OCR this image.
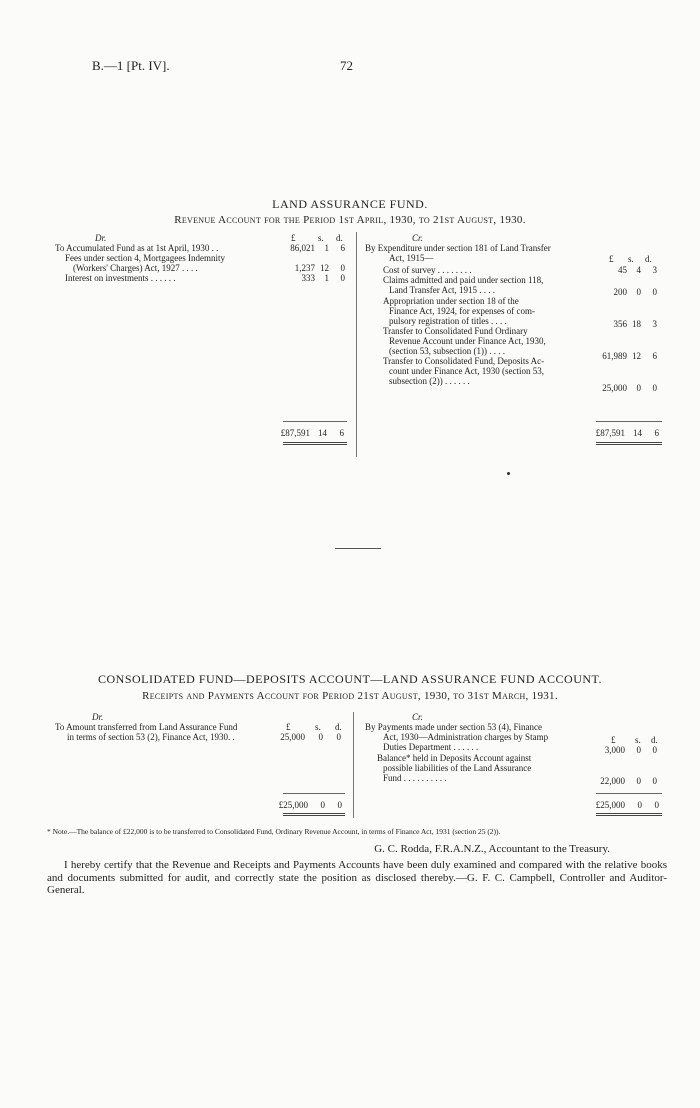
B.—1 [Pt. IV].	72
LAND ASSURANCE FUND.
Revenue Account for the Period 1st April, 1930, to 21st August, 1930.
Dr.	£	s. d.
To Accumulated Fund as at 1st April, 1930 . .	86,021	1	6
Fees under section 4, Mortgagees Indemnity
(Workers' Charges) Act, 1927 . . . .	1,237 12	0
Interest on investments . . . . . .	333	1	0
£87,591 14	6
Cr.
£ s. d.
By Expenditure under section 181 of Land Transfer
Act, 1915—
Cost of survey . . . . . . . .	45	4	3
Claims admitted and paid under section 118,
Land Transfer Act, 1915 . . . .	200	0	0
Appropriation under section 18 of the
Finance Act, 1924, for expenses of com-
pulsory registration of titles . . . .	356 18	3
Transfer to Consolidated Fund Ordinary
Revenue Account under Finance Act, 1930,
(section 53, subsection (1)) . . . .	61,989 12	6
Transfer to Consolidated Fund, Deposits Ac-
count under Finance Act, 1930 (section 53,
subsection (2)) . . . . . .
25,000	0	0
£87,591 14	6
CONSOLIDATED FUND—DEPOSITS ACCOUNT—LAND ASSURANCE FUND ACCOUNT.
Receipts and Payments Account for Period 21st August, 1930, to 31st March, 1931.
Dr.
To Amount transferred from Land Assurance Fund
in terms of section 53 (2), Finance Act, 1930. .
£	s. d.
25,000	0	0
£25,000	0	0
Cr.
By Payments made under section 53 (4), Finance
Act, 1930—Administration charges by Stamp
Duties Department . . . . . .
£ s. d.
3,000	0	0
Balance* held in Deposits Account against
possible liabilities of the Land Assurance
Fund . . . . . . . . . .	22,000	0	0
£25,000	0	0
* Note.—The balance of £22,000 is to be transferred to Consolidated Fund, Ordinary Revenue Account, in terms of Finance Act, 1931 (section 25 (2)).
G. C. Rodda, F.R.A.N.Z., Accountant to the Treasury.
I hereby certify that the Revenue and Receipts and Payments Accounts have been duly examined and compared with the relative books and documents submitted for audit, and correctly state the position as disclosed thereby.—G. F. C. Campbell, Controller and Auditor-General.
